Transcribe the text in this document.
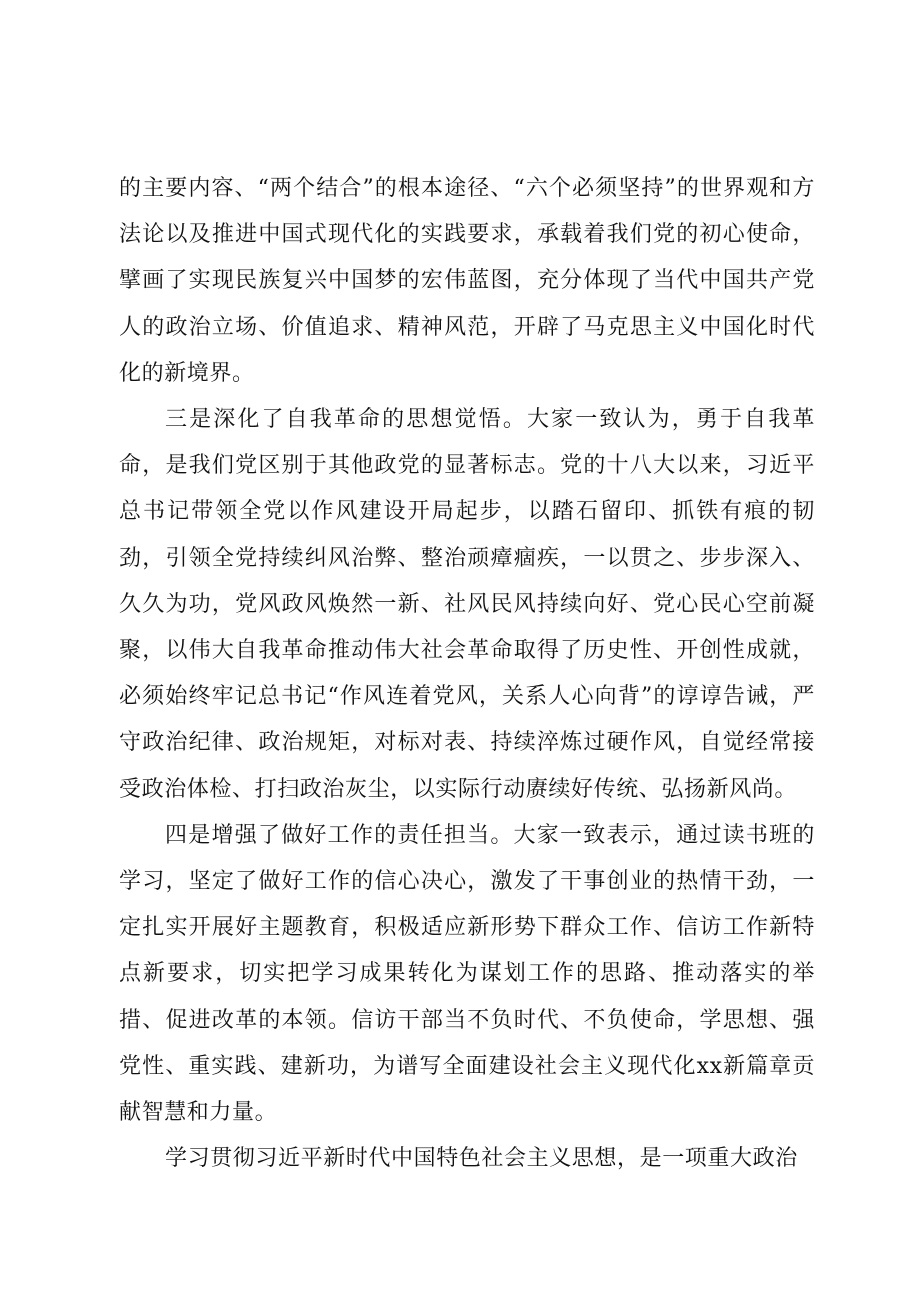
的主要内容、“两个结合”的根本途径、“六个必须坚持”的世界观和方法论以及推进中国式现代化的实践要求，承载着我们党的初心使命，擘画了实现民族复兴中国梦的宏伟蓝图，充分体现了当代中国共产党人的政治立场、价值追求、精神风范，开辟了马克思主义中国化时代化的新境界。

三是深化了自我革命的思想觉悟。大家一致认为，勇于自我革命，是我们党区别于其他政党的显著标志。党的十八大以来，习近平总书记带领全党以作风建设开局起步，以踏石留印、抓铁有痕的韧劲，引领全党持续纠风治弊、整治顽瘴痼疾，一以贯之、步步深入、久久为功，党风政风焕然一新、社风民风持续向好、党心民心空前凝聚，以伟大自我革命推动伟大社会革命取得了历史性、开创性成就，必须始终牢记总书记“作风连着党风，关系人心向背”的谆谆告诫，严守政治纪律、政治规矩，对标对表、持续淬炼过硬作风，自觉经常接受政治体检、打扫政治灰尘，以实际行动赓续好传统、弘扬新风尚。

四是增强了做好工作的责任担当。大家一致表示，通过读书班的学习，坚定了做好工作的信心决心，激发了干事创业的热情干劲，一定扎实开展好主题教育，积极适应新形势下群众工作、信访工作新特点新要求，切实把学习成果转化为谋划工作的思路、推动落实的举措、促进改革的本领。信访干部当不负时代、不负使命，学思想、强党性、重实践、建新功，为谱写全面建设社会主义现代化xx新篇章贡献智慧和力量。

学习贯彻习近平新时代中国特色社会主义思想，是一项重大政治
